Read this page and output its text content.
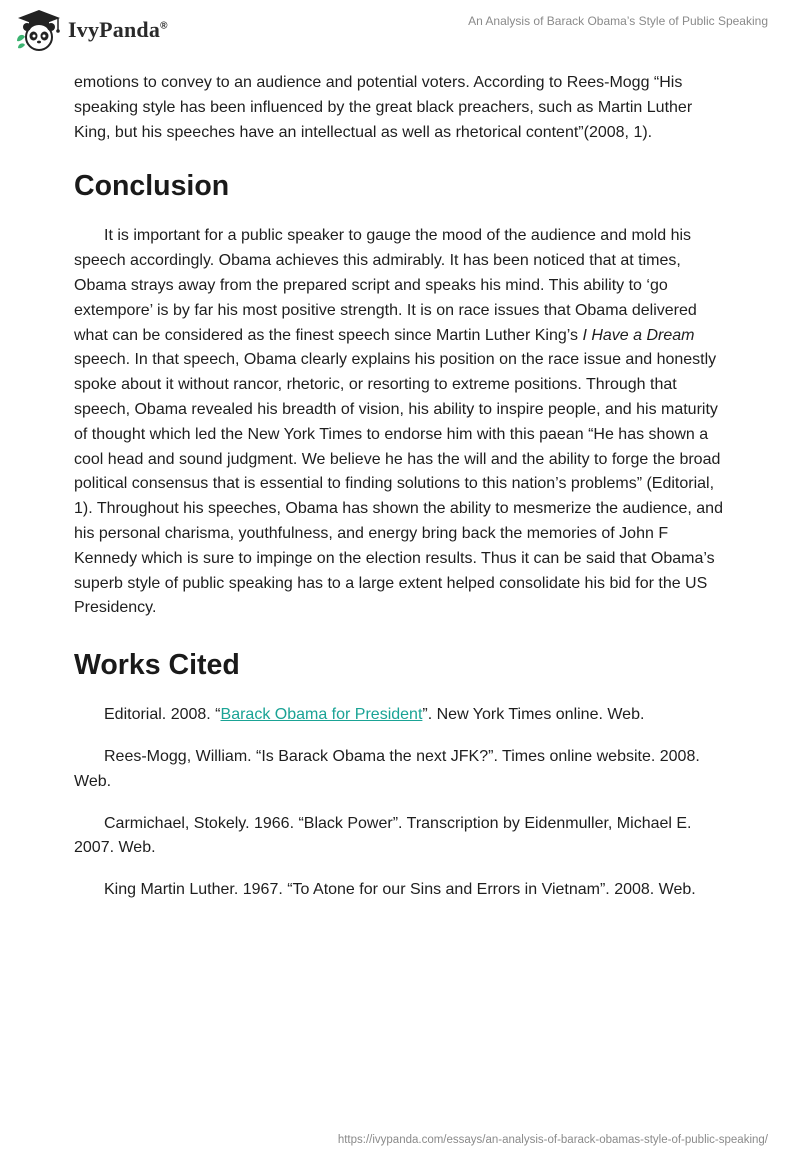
IvyPanda®	An Analysis of Barack Obama’s Style of Public Speaking

emotions to convey to an audience and potential voters. According to Rees-Mogg “His speaking style has been influenced by the great black preachers, such as Martin Luther King, but his speeches have an intellectual as well as rhetorical content”(2008, 1).

Conclusion

It is important for a public speaker to gauge the mood of the audience and mold his speech accordingly. Obama achieves this admirably. It has been noticed that at times, Obama strays away from the prepared script and speaks his mind. This ability to ‘go extempore’ is by far his most positive strength. It is on race issues that Obama delivered what can be considered as the finest speech since Martin Luther King’s I Have a Dream speech. In that speech, Obama clearly explains his position on the race issue and honestly spoke about it without rancor, rhetoric, or resorting to extreme positions. Through that speech, Obama revealed his breadth of vision, his ability to inspire people, and his maturity of thought which led the New York Times to endorse him with this paean “He has shown a cool head and sound judgment. We believe he has the will and the ability to forge the broad political consensus that is essential to finding solutions to this nation’s problems” (Editorial, 1). Throughout his speeches, Obama has shown the ability to mesmerize the audience, and his personal charisma, youthfulness, and energy bring back the memories of John F Kennedy which is sure to impinge on the election results. Thus it can be said that Obama’s superb style of public speaking has to a large extent helped consolidate his bid for the US Presidency.

Works Cited

Editorial. 2008. “Barack Obama for President”. New York Times online. Web.

Rees-Mogg, William. “Is Barack Obama the next JFK?”. Times online website. 2008. Web.

Carmichael, Stokely. 1966. “Black Power”. Transcription by Eidenmuller, Michael E. 2007. Web.

King Martin Luther. 1967. “To Atone for our Sins and Errors in Vietnam”. 2008. Web.

https://ivypanda.com/essays/an-analysis-of-barack-obamas-style-of-public-speaking/
